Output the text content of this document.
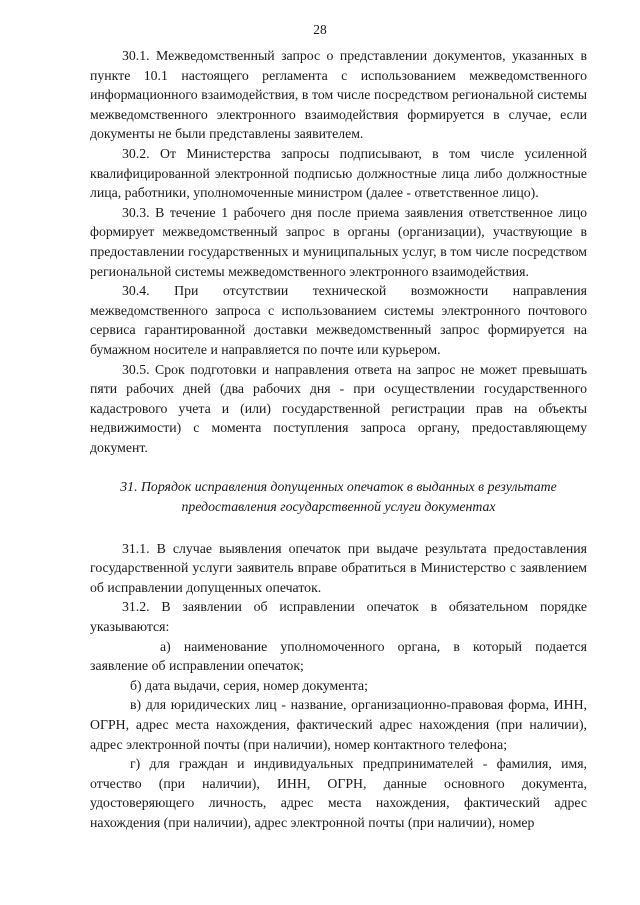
28

30.1. Межведомственный запрос о представлении документов, указанных в пункте 10.1 настоящего регламента с использованием межведомственного информационного взаимодействия, в том числе посредством региональной системы межведомственного электронного взаимодействия формируется в случае, если документы не были представлены заявителем.

30.2. От Министерства запросы подписывают, в том числе усиленной квалифицированной электронной подписью должностные лица либо должностные лица, работники, уполномоченные министром (далее - ответственное лицо).

30.3. В течение 1 рабочего дня после приема заявления ответственное лицо формирует межведомственный запрос в органы (организации), участвующие в предоставлении государственных и муниципальных услуг, в том числе посредством региональной системы межведомственного электронного взаимодействия.

30.4. При отсутствии технической возможности направления межведомственного запроса с использованием системы электронного почтового сервиса гарантированной доставки межведомственный запрос формируется на бумажном носителе и направляется по почте или курьером.

30.5. Срок подготовки и направления ответа на запрос не может превышать пяти рабочих дней (два рабочих дня - при осуществлении государственного кадастрового учета и (или) государственной регистрации прав на объекты недвижимости) с момента поступления запроса органу, предоставляющему документ.

31. Порядок исправления допущенных опечаток в выданных в результате
предоставления государственной услуги документах

31.1. В случае выявления опечаток при выдаче результата предоставления государственной услуги заявитель вправе обратиться в Министерство с заявлением об исправлении допущенных опечаток.

31.2. В заявлении об исправлении опечаток в обязательном порядке указываются:

а) наименование уполномоченного органа, в который подается заявление об исправлении опечаток;

б) дата выдачи, серия, номер документа;

в) для юридических лиц - название, организационно-правовая форма, ИНН, ОГРН, адрес места нахождения, фактический адрес нахождения (при наличии), адрес электронной почты (при наличии), номер контактного телефона;

г) для граждан и индивидуальных предпринимателей - фамилия, имя, отчество (при наличии), ИНН, ОГРН, данные основного документа, удостоверяющего личность, адрес места нахождения, фактический адрес нахождения (при наличии), адрес электронной почты (при наличии), номер
